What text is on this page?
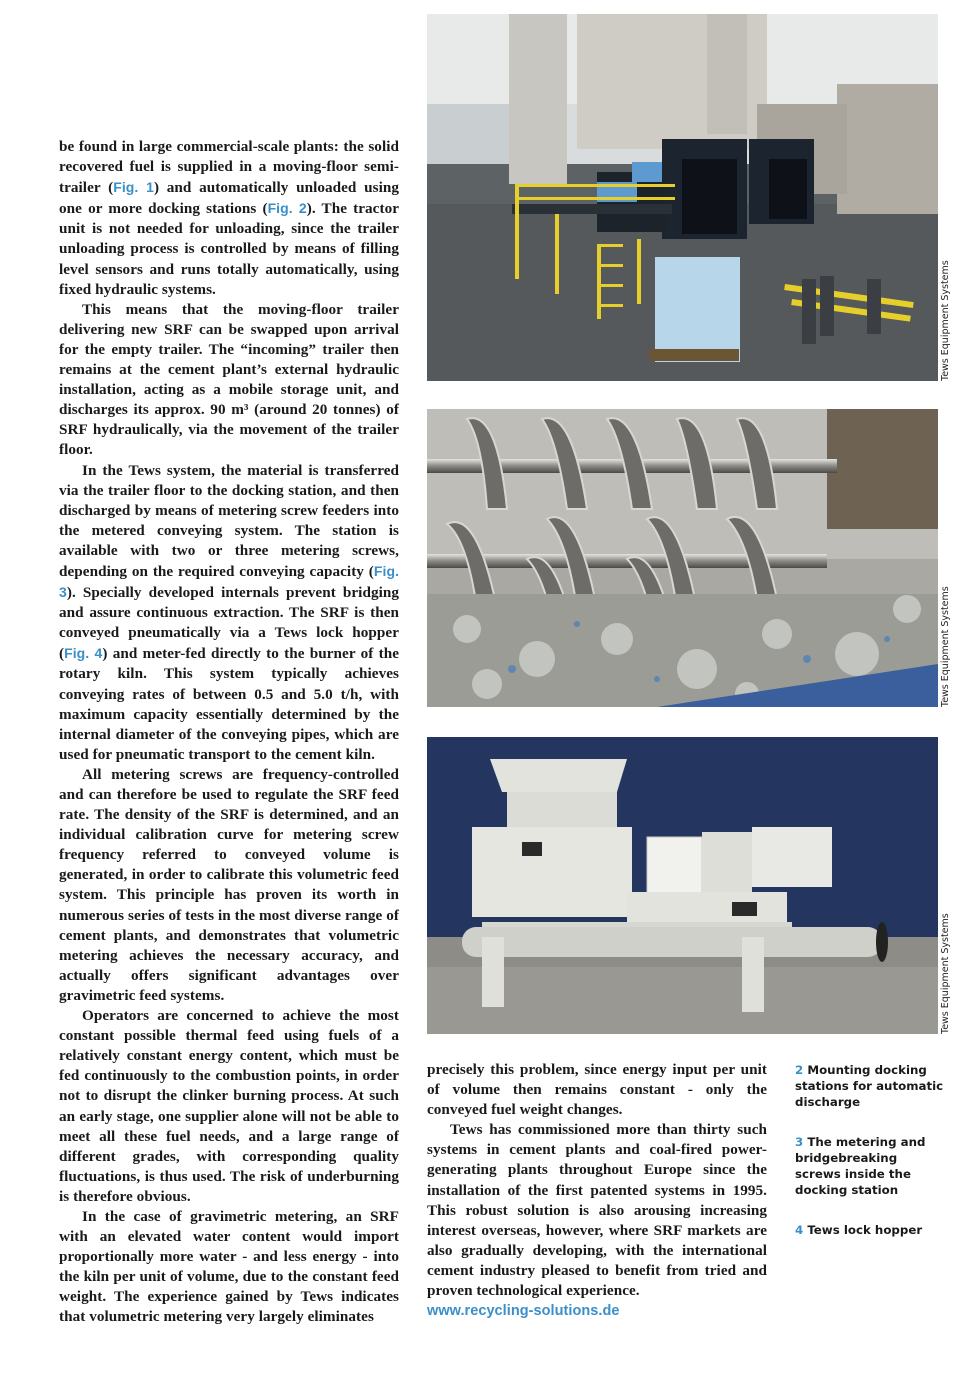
be found in large commercial-scale plants: the solid recovered fuel is supplied in a moving-floor semi-trailer (Fig. 1) and automatically unloaded using one or more docking stations (Fig. 2). The tractor unit is not needed for unloading, since the trailer unloading process is controlled by means of filling level sensors and runs totally automatically, using fixed hydraulic systems.

This means that the moving-floor trailer delivering new SRF can be swapped upon arrival for the empty trailer. The “incoming” trailer then remains at the cement plant’s external hydraulic installation, acting as a mobile storage unit, and discharges its approx. 90 m³ (around 20 tonnes) of SRF hydraulically, via the movement of the trailer floor.

In the Tews system, the material is transferred via the trailer floor to the docking station, and then discharged by means of metering screw feeders into the metered conveying system. The station is available with two or three metering screws, depending on the required conveying capacity (Fig. 3). Specially developed internals prevent bridging and assure continuous extraction. The SRF is then conveyed pneumatically via a Tews lock hopper (Fig. 4) and meter-fed directly to the burner of the rotary kiln. This system typically achieves conveying rates of between 0.5 and 5.0 t/h, with maximum capacity essentially determined by the internal diameter of the conveying pipes, which are used for pneumatic transport to the cement kiln.

All metering screws are frequency-controlled and can therefore be used to regulate the SRF feed rate. The density of the SRF is determined, and an individual calibration curve for metering screw frequency referred to conveyed volume is generated, in order to calibrate this volumetric feed system. This principle has proven its worth in numerous series of tests in the most diverse range of cement plants, and demonstrates that volumetric metering achieves the necessary accuracy, and actually offers significant advantages over gravimetric feed systems.

Operators are concerned to achieve the most constant possible thermal feed using fuels of a relatively constant energy content, which must be fed continuously to the combustion points, in order not to disrupt the clinker burning process. At such an early stage, one supplier alone will not be able to meet all these fuel needs, and a large range of different grades, with corresponding quality fluctuations, is thus used. The risk of underburning is therefore obvious.

In the case of gravimetric metering, an SRF with an elevated water content would import proportionally more water - and less energy - into the kiln per unit of volume, due to the constant feed weight. The experience gained by Tews indicates that volumetric metering very largely eliminates

Tews Equipment Systems
Tews Equipment Systems
Tews Equipment Systems

precisely this problem, since energy input per unit of volume then remains constant - only the conveyed fuel weight changes.

Tews has commissioned more than thirty such systems in cement plants and coal-fired power-generating plants throughout Europe since the installation of the first patented systems in 1995. This robust solution is also arousing increasing interest overseas, however, where SRF markets are also gradually developing, with the international cement industry pleased to benefit from tried and proven technological experience.

www.recycling-solutions.de
2 Mounting docking stations for automatic discharge
3 The metering and bridgebreaking screws inside the docking station
4 Tews lock hopper
